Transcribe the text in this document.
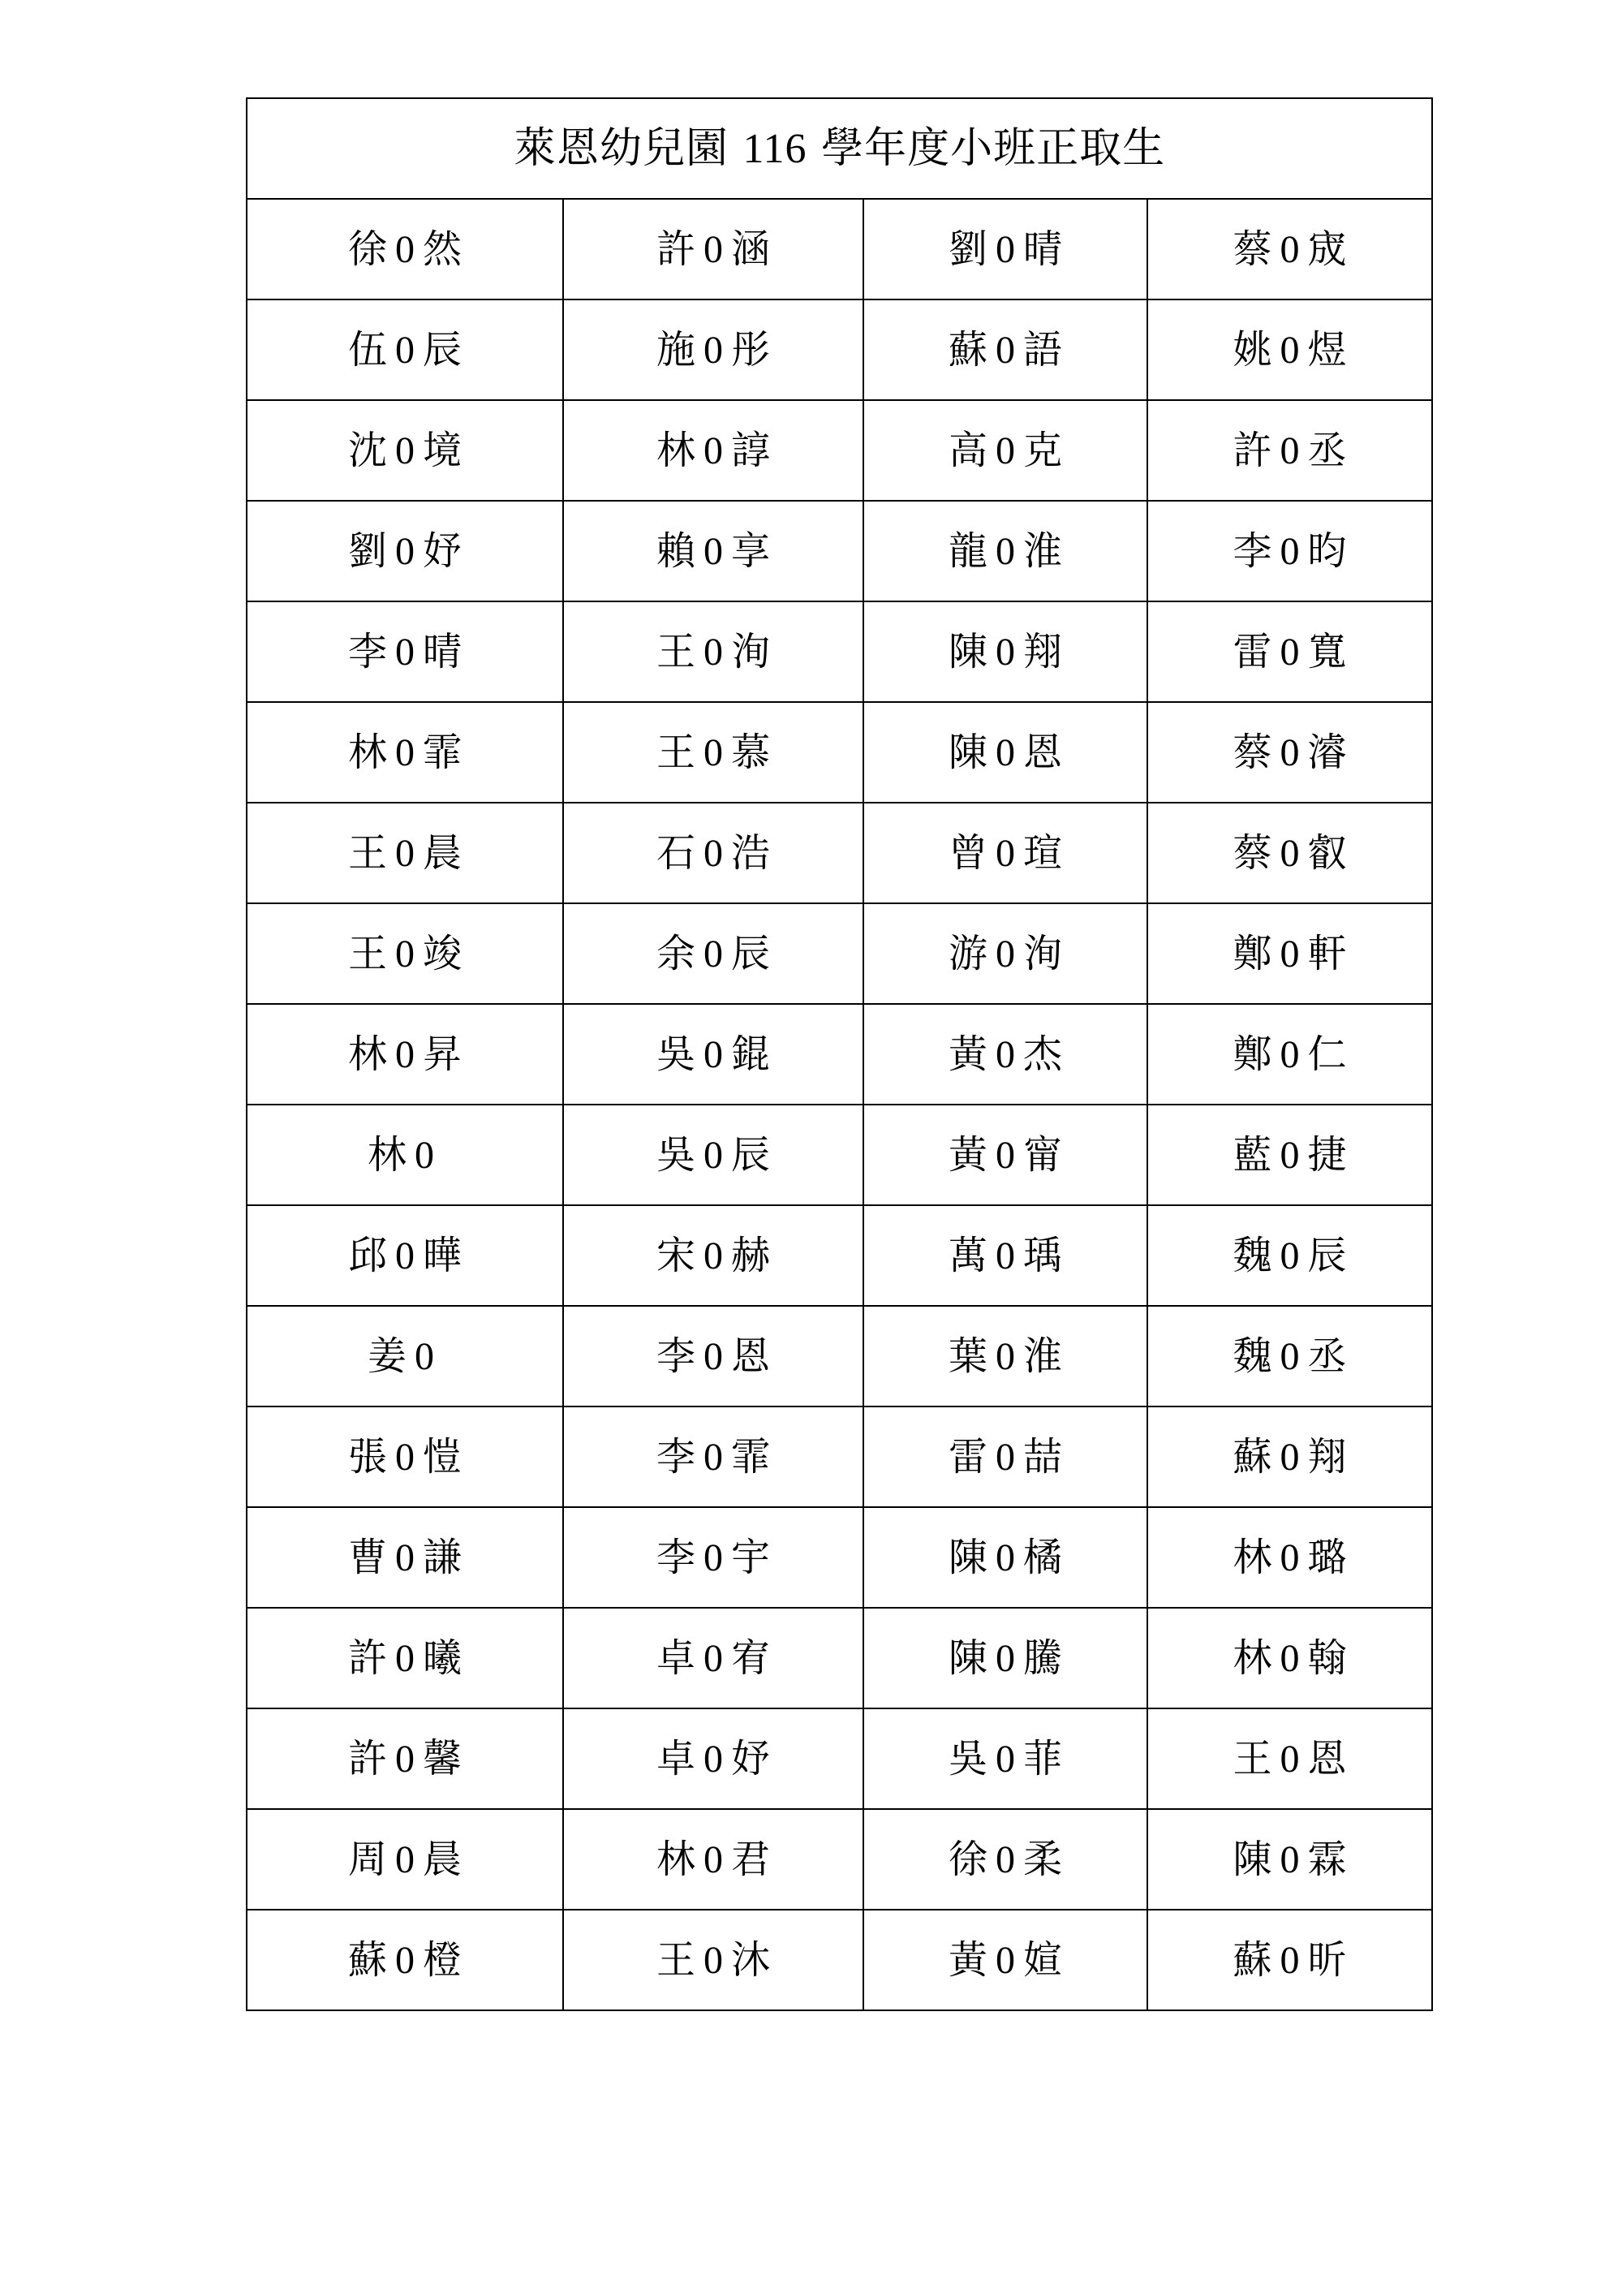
萊恩幼兒園 116 學年度小班正取生			
徐 0 然	許 0 涵	劉 0 晴	蔡 0 宬
伍 0 辰	施 0 彤	蘇 0 語	姚 0 煜
沈 0 境	林 0 諄	高 0 克	許 0 丞
劉 0 妤	賴 0 享	龍 0 淮	李 0 昀
李 0 晴	王 0 洵	陳 0 翔	雷 0 寬
林 0 霏	王 0 慕	陳 0 恩	蔡 0 濬
王 0 晨	石 0 浩	曾 0 瑄	蔡 0 叡
王 0 竣	余 0 辰	游 0 洵	鄭 0 軒
林 0 昇	吳 0 錕	黃 0 杰	鄭 0 仁
林 0	吳 0 辰	黃 0 甯	藍 0 捷
邱 0 曄	宋 0 赫	萬 0 瑀	魏 0 辰
姜 0	李 0 恩	葉 0 淮	魏 0 丞
張 0 愷	李 0 霏	雷 0 喆	蘇 0 翔
曹 0 謙	李 0 宇	陳 0 橘	林 0 璐
許 0 曦	卓 0 宥	陳 0 騰	林 0 翰
許 0 馨	卓 0 妤	吳 0 菲	王 0 恩
周 0 晨	林 0 君	徐 0 柔	陳 0 霖
蘇 0 橙	王 0 沐	黃 0 媗	蘇 0 昕
